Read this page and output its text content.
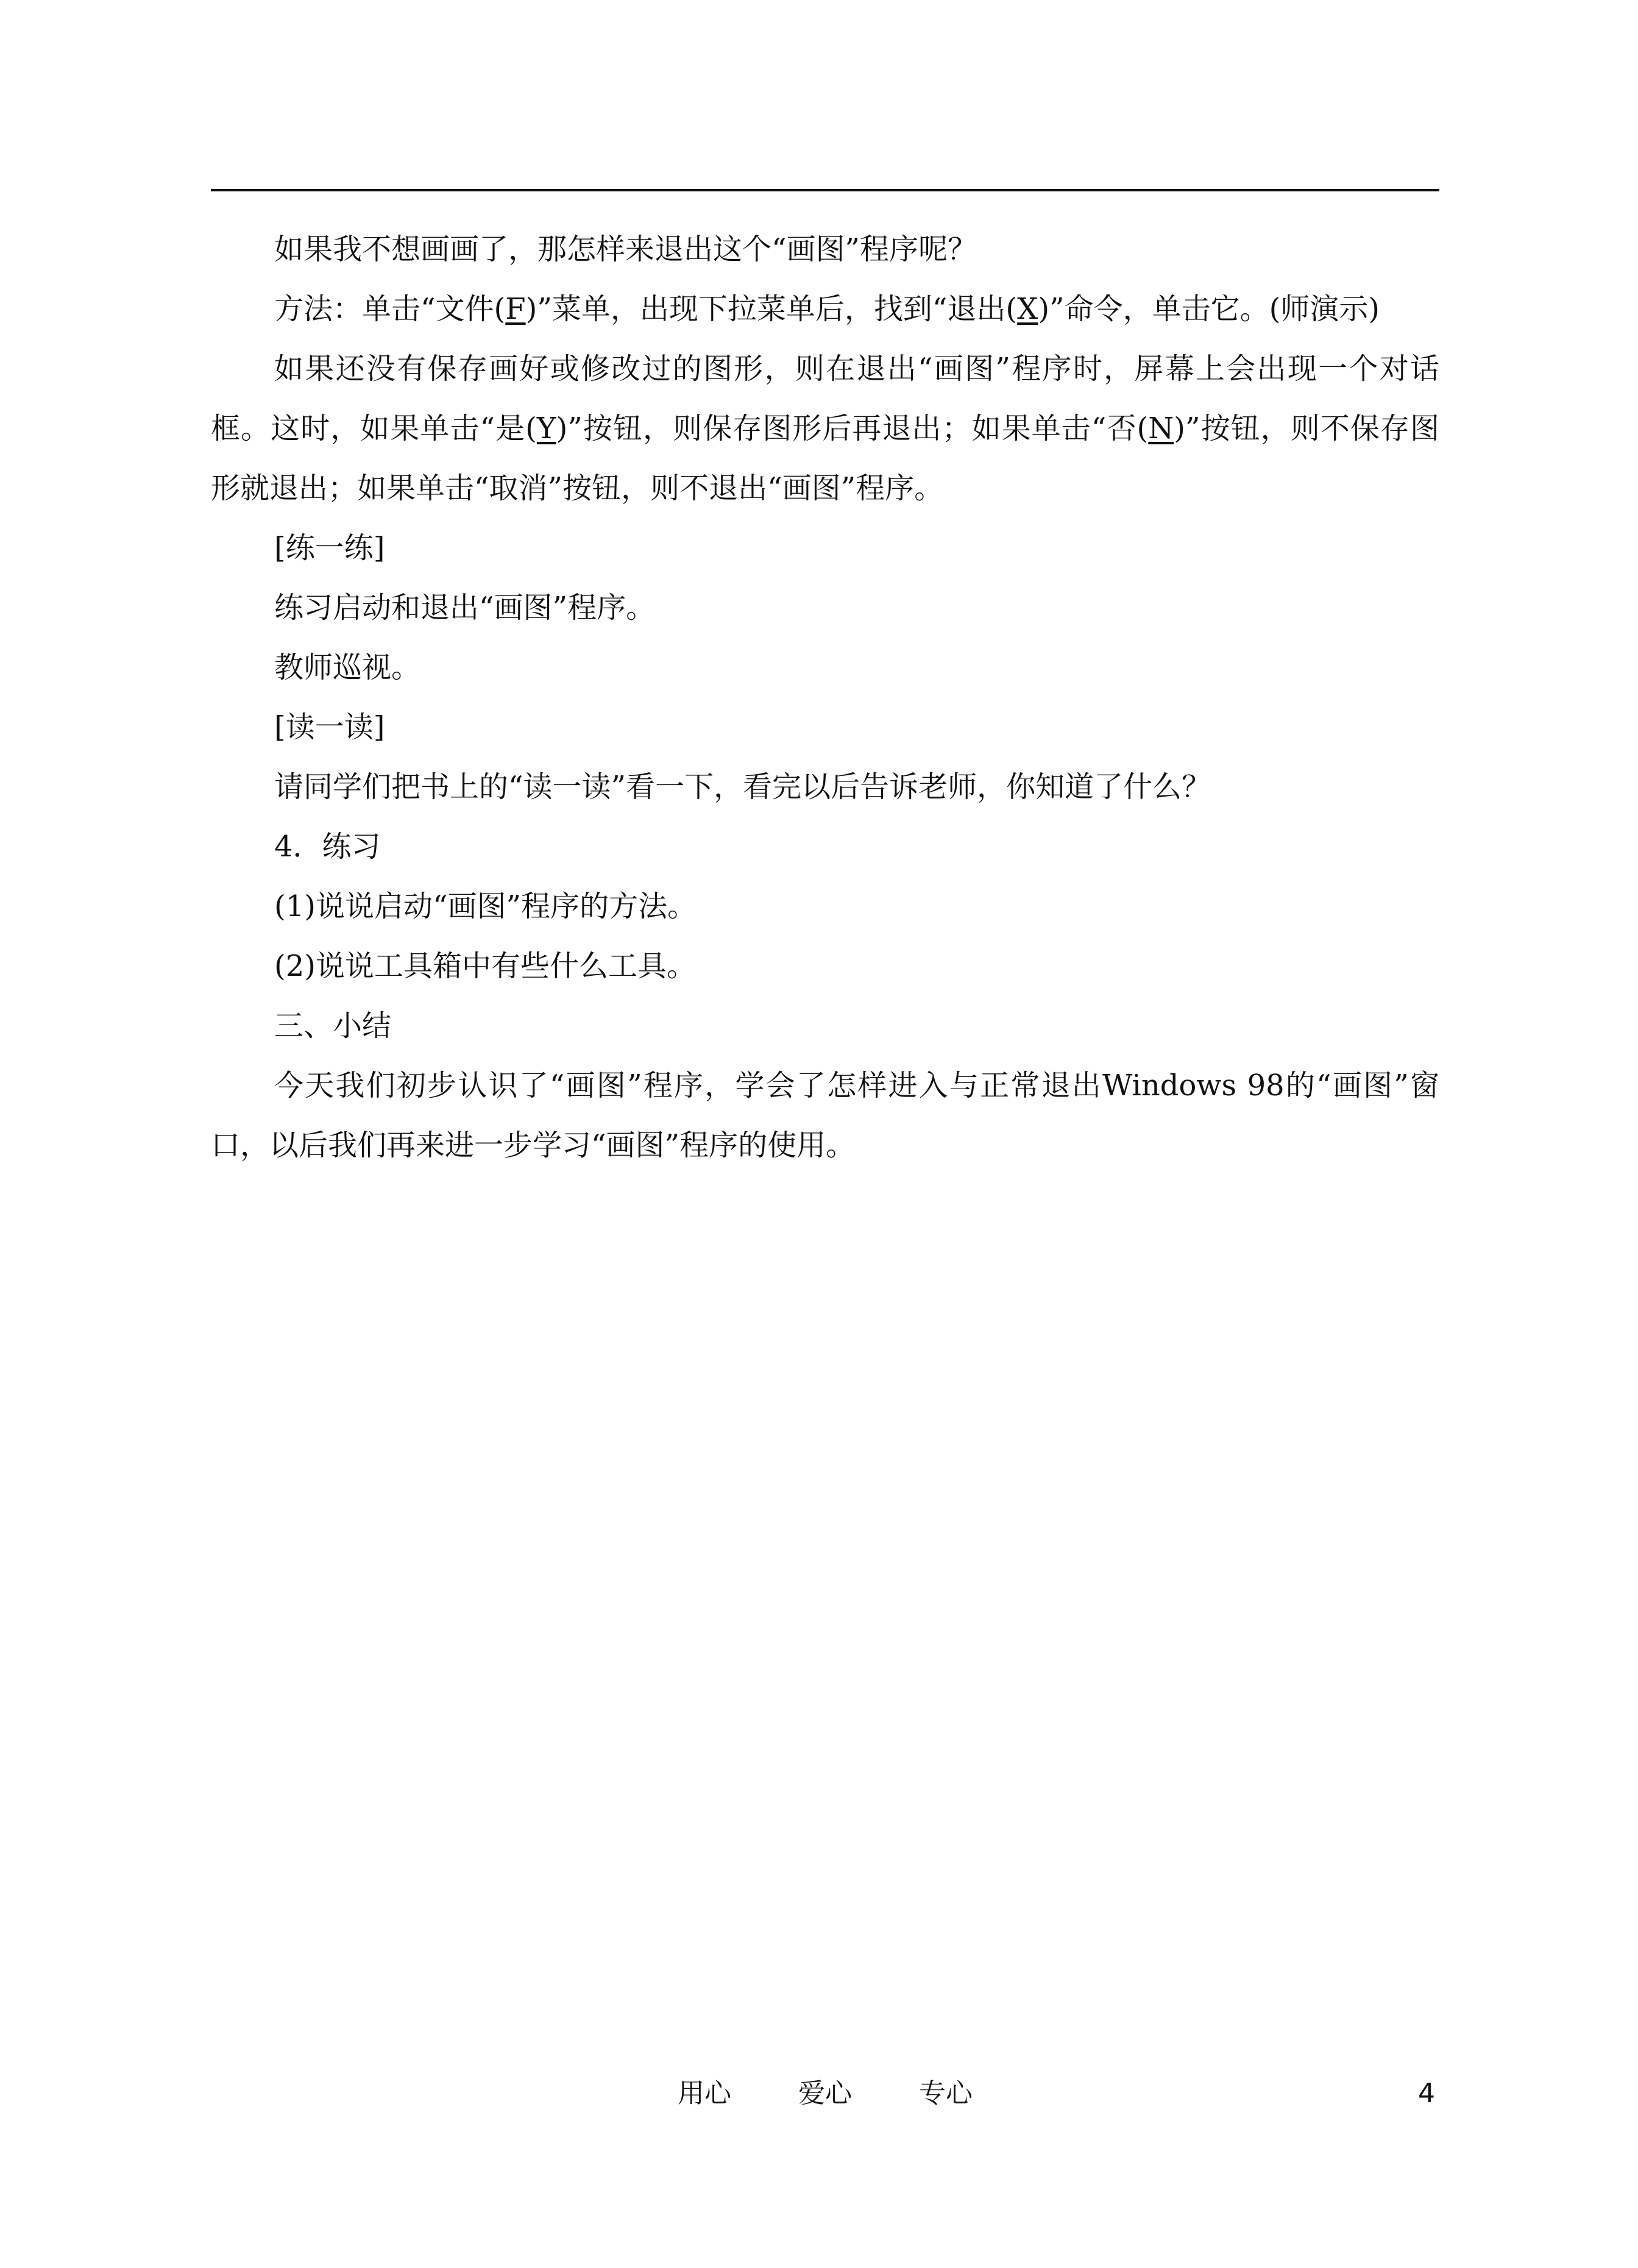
如果我不想画画了，那怎样来退出这个“画图”程序呢？

方法：单击“文件(F)”菜单，出现下拉菜单后，找到“退出(X)”命令，单击它。(师演示)

如果还没有保存画好或修改过的图形，则在退出“画图”程序时，屏幕上会出现一个对话框。这时，如果单击“是(Y)”按钮，则保存图形后再退出；如果单击“否(N)”按钮，则不保存图形就退出；如果单击“取消”按钮，则不退出“画图”程序。

[练一练]

练习启动和退出“画图”程序。

教师巡视。

[读一读]

请同学们把书上的“读一读”看一下，看完以后告诉老师，你知道了什么？

4．练习

(1)说说启动“画图”程序的方法。

(2)说说工具箱中有些什么工具。

三、小结

今天我们初步认识了“画图”程序，学会了怎样进入与正常退出Windows 98的“画图”窗口，以后我们再来进一步学习“画图”程序的使用。

用心	爱心	专心	4
